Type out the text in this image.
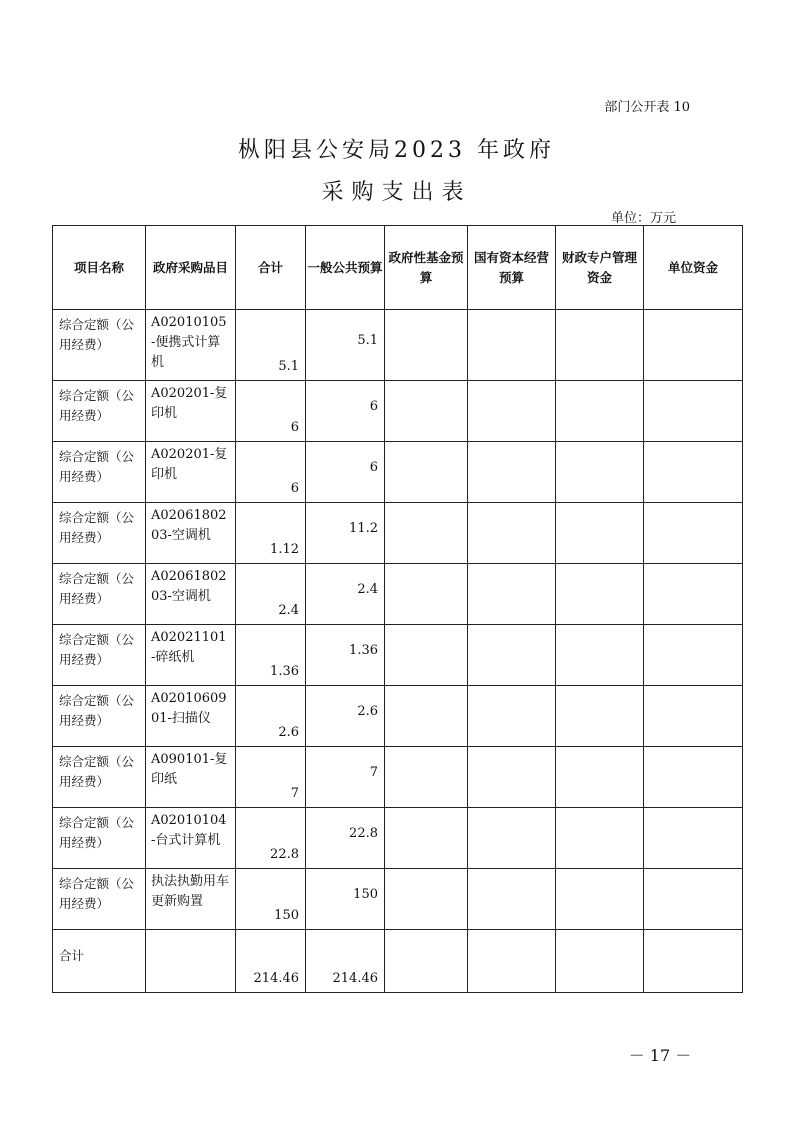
部门公开表 10
枞阳县公安局2023 年政府
采购支出表
单位：万元
项目名称	政府采购品目	合计	一般公共预算	政府性基金预算	国有资本经营预算	财政专户管理资金	单位资金
综合定额（公用经费）	A02010105-便携式计算机	5.1	5.1				
综合定额（公用经费）	A020201-复印机	6	6				
综合定额（公用经费）	A020201-复印机	6	6				
综合定额（公用经费）	A0206180203-空调机	1.12	11.2				
综合定额（公用经费）	A0206180203-空调机	2.4	2.4				
综合定额（公用经费）	A02021101-碎纸机	1.36	1.36				
综合定额（公用经费）	A0201060901-扫描仪	2.6	2.6				
综合定额（公用经费）	A090101-复印纸	7	7				
综合定额（公用经费）	A02010104-台式计算机	22.8	22.8				
综合定额（公用经费）	执法执勤用车更新购置	150	150				
合计		214.46	214.46				
－ 17 －
